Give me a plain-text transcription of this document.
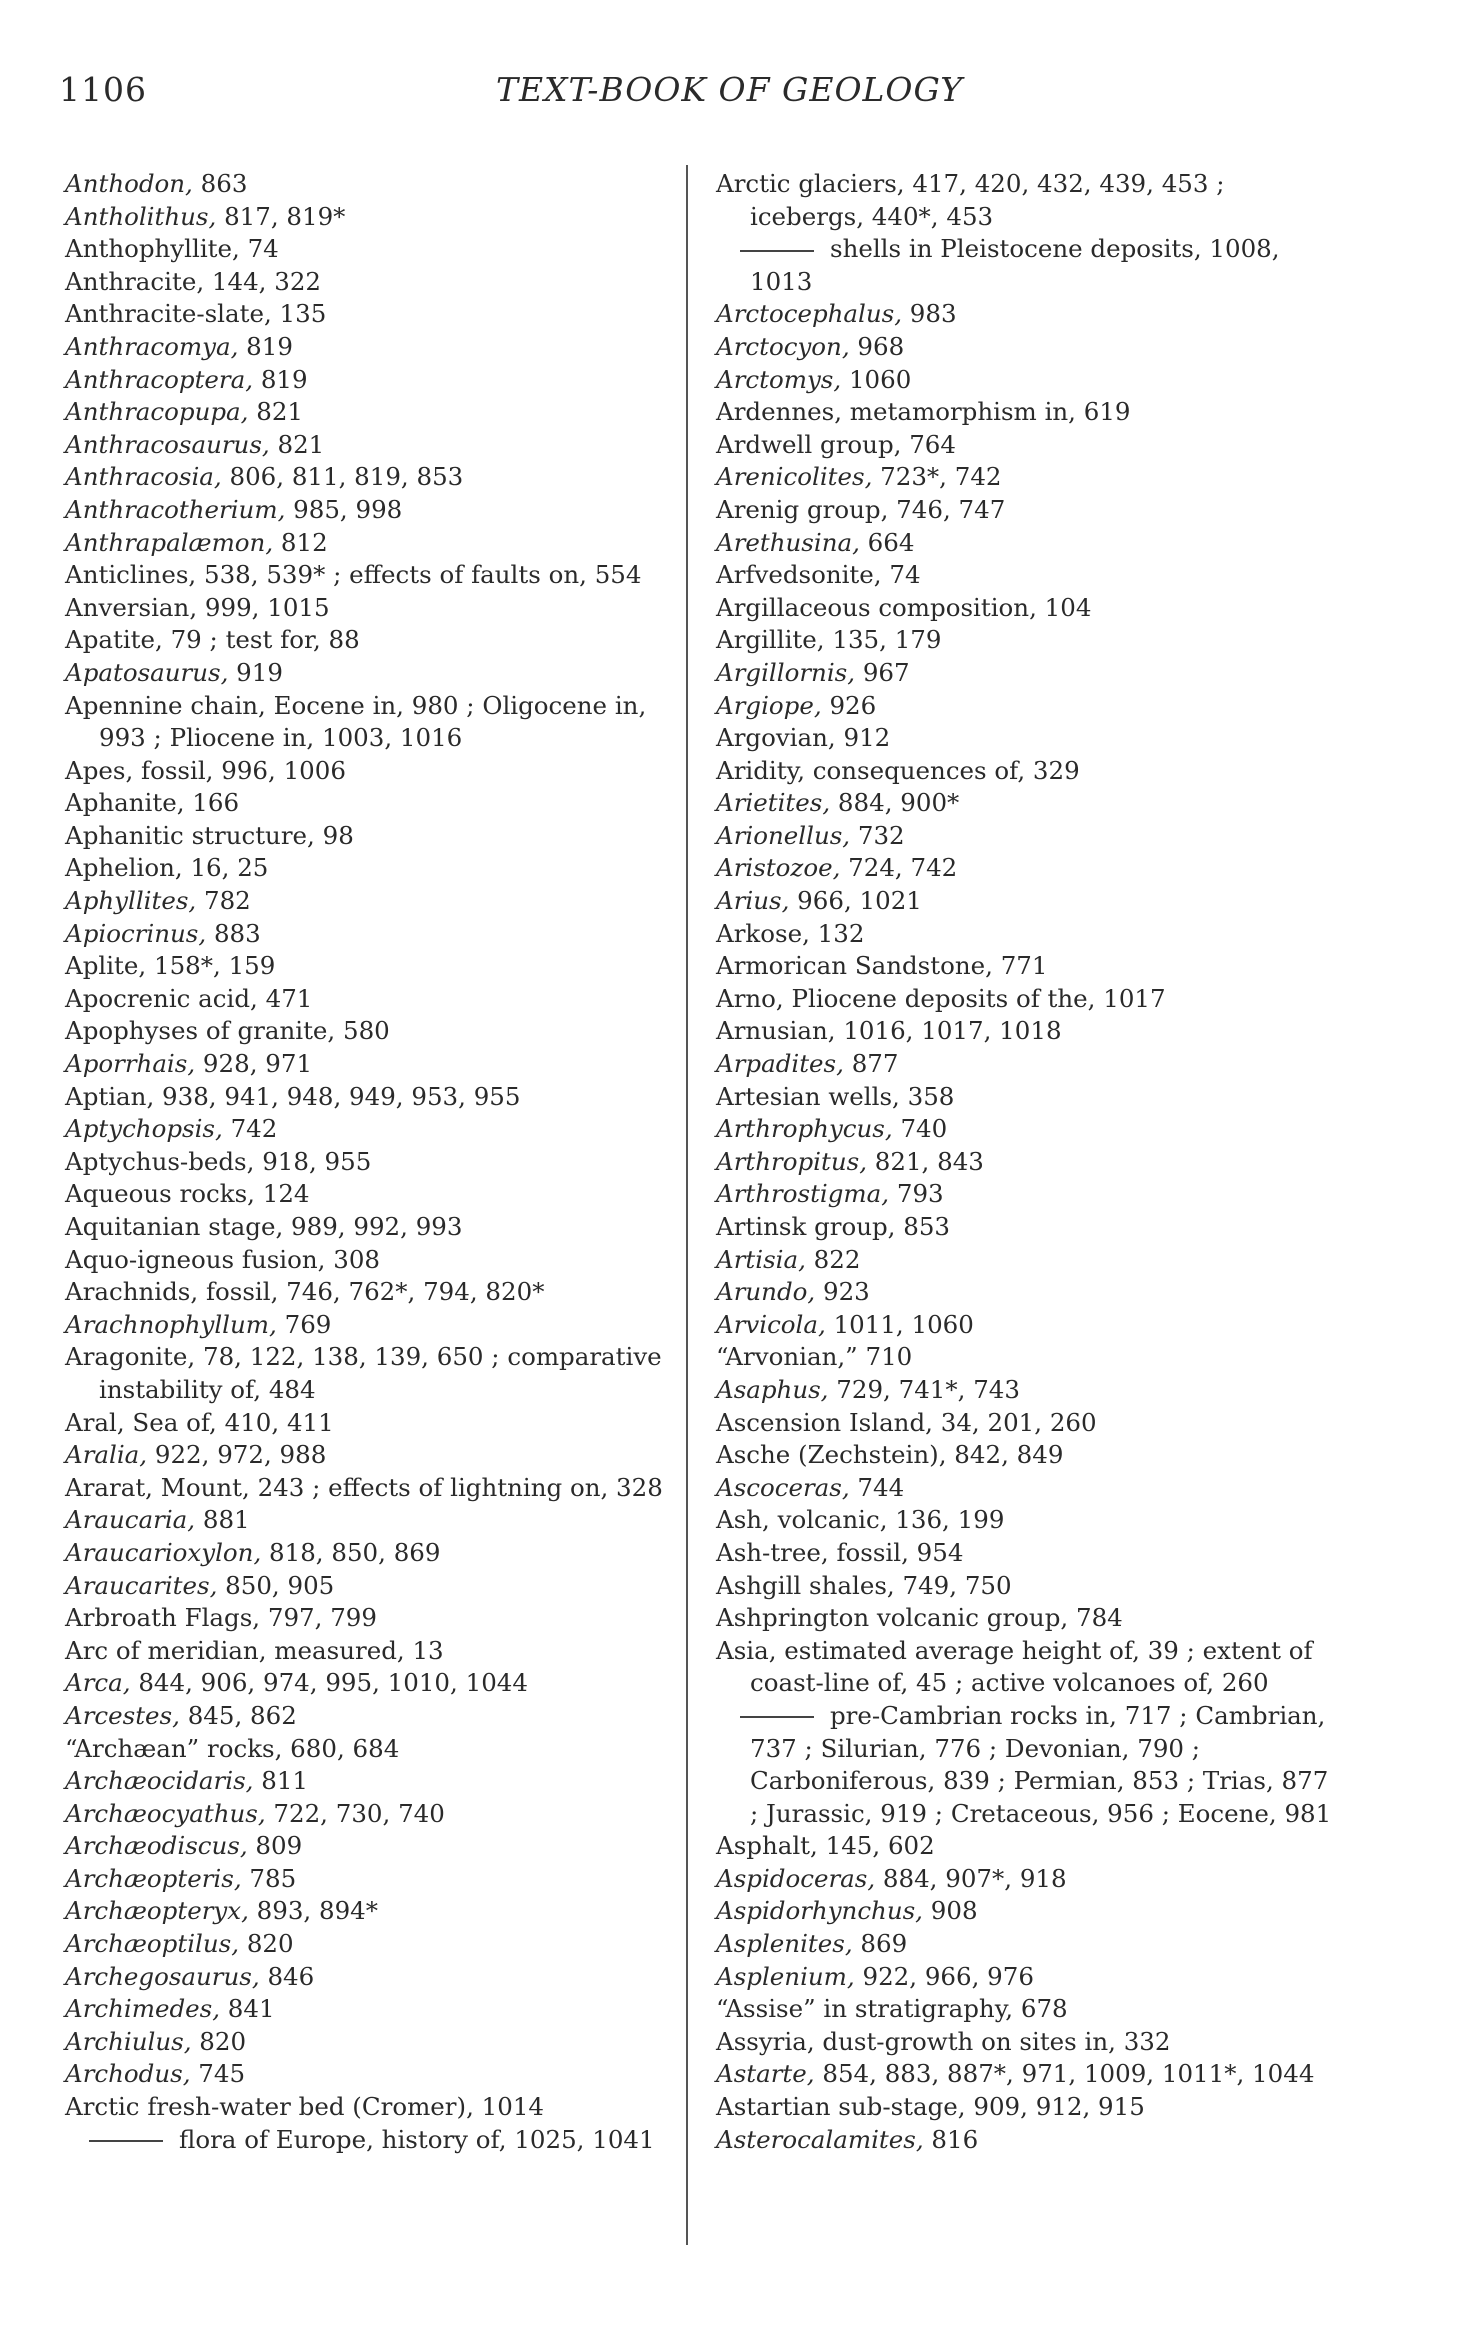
1106	TEXT-BOOK OF GEOLOGY

Anthodon, 863

Antholithus, 817, 819*

Anthophyllite, 74

Anthracite, 144, 322

Anthracite-slate, 135

Anthracomya, 819

Anthracoptera, 819

Anthracopupa, 821

Anthracosaurus, 821

Anthracosia, 806, 811, 819, 853

Anthracotherium, 985, 998

Anthrapalæmon, 812

Anticlines, 538, 539* ; effects of faults on, 554

Anversian, 999, 1015

Apatite, 79 ; test for, 88

Apatosaurus, 919

Apennine chain, Eocene in, 980 ; Oligocene in, 993 ; Pliocene in, 1003, 1016

Apes, fossil, 996, 1006

Aphanite, 166

Aphanitic structure, 98

Aphelion, 16, 25

Aphyllites, 782

Apiocrinus, 883

Aplite, 158*, 159

Apocrenic acid, 471

Apophyses of granite, 580

Aporrhais, 928, 971

Aptian, 938, 941, 948, 949, 953, 955

Aptychopsis, 742

Aptychus-beds, 918, 955

Aqueous rocks, 124

Aquitanian stage, 989, 992, 993

Aquo-igneous fusion, 308

Arachnids, fossil, 746, 762*, 794, 820*

Arachnophyllum, 769

Aragonite, 78, 122, 138, 139, 650 ; comparative instability of, 484

Aral, Sea of, 410, 411

Aralia, 922, 972, 988

Ararat, Mount, 243 ; effects of lightning on, 328

Araucaria, 881

Araucarioxylon, 818, 850, 869

Araucarites, 850, 905

Arbroath Flags, 797, 799

Arc of meridian, measured, 13

Arca, 844, 906, 974, 995, 1010, 1044

Arcestes, 845, 862

“Archæan” rocks, 680, 684

Archæocidaris, 811

Archæocyathus, 722, 730, 740

Archæodiscus, 809

Archæopteris, 785

Archæopteryx, 893, 894*

Archæoptilus, 820

Archegosaurus, 846

Archimedes, 841

Archiulus, 820

Archodus, 745

Arctic fresh-water bed (Cromer), 1014

flora of Europe, history of, 1025, 1041

Arctic glaciers, 417, 420, 432, 439, 453 ; icebergs, 440*, 453

shells in Pleistocene deposits, 1008, 1013

Arctocephalus, 983

Arctocyon, 968

Arctomys, 1060

Ardennes, metamorphism in, 619

Ardwell group, 764

Arenicolites, 723*, 742

Arenig group, 746, 747

Arethusina, 664

Arfvedsonite, 74

Argillaceous composition, 104

Argillite, 135, 179

Argillornis, 967

Argiope, 926

Argovian, 912

Aridity, consequences of, 329

Arietites, 884, 900*

Arionellus, 732

Aristozoe, 724, 742

Arius, 966, 1021

Arkose, 132

Armorican Sandstone, 771

Arno, Pliocene deposits of the, 1017

Arnusian, 1016, 1017, 1018

Arpadites, 877

Artesian wells, 358

Arthrophycus, 740

Arthropitus, 821, 843

Arthrostigma, 793

Artinsk group, 853

Artisia, 822

Arundo, 923

Arvicola, 1011, 1060

“Arvonian,” 710

Asaphus, 729, 741*, 743

Ascension Island, 34, 201, 260

Asche (Zechstein), 842, 849

Ascoceras, 744

Ash, volcanic, 136, 199

Ash-tree, fossil, 954

Ashgill shales, 749, 750

Ashprington volcanic group, 784

Asia, estimated average height of, 39 ; extent of coast-line of, 45 ; active volcanoes of, 260

pre-Cambrian rocks in, 717 ; Cambrian, 737 ; Silurian, 776 ; Devonian, 790 ; Carboniferous, 839 ; Permian, 853 ; Trias, 877 ; Jurassic, 919 ; Cretaceous, 956 ; Eocene, 981

Asphalt, 145, 602

Aspidoceras, 884, 907*, 918

Aspidorhynchus, 908

Asplenites, 869

Asplenium, 922, 966, 976

“Assise” in stratigraphy, 678

Assyria, dust-growth on sites in, 332

Astarte, 854, 883, 887*, 971, 1009, 1011*, 1044

Astartian sub-stage, 909, 912, 915

Asterocalamites, 816
